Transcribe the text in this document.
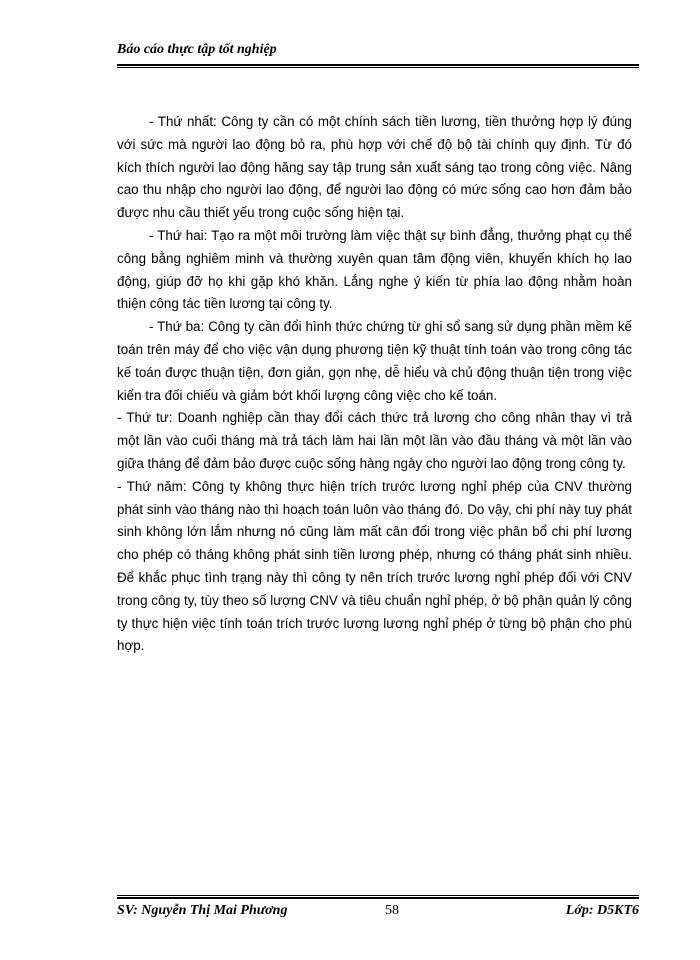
Báo cáo thực tập tốt nghiệp

- Thứ nhất: Công ty cần có một chính sách tiền lương, tiền thưởng hợp lý đúng với sức mà người lao động bỏ ra, phù hợp với chế độ bộ tài chính quy định. Từ đó kích thích người lao động hăng say tập trung sản xuất sáng tạo trong công việc. Nâng cao thu nhập cho người lao động, để người lao động có mức sống cao hơn đảm bảo được nhu cầu thiết yếu trong cuộc sống hiện tại.

- Thứ hai: Tạo ra một môi trường làm việc thật sự bình đẳng, thưởng phạt cụ thể công bằng nghiêm minh và thường xuyên quan tâm động viên, khuyến khích họ lao động, giúp đỡ họ khi gặp khó khăn. Lắng nghe ý kiến từ phía lao động nhằm hoàn thiện công tác tiền lương tại công ty.

- Thứ ba: Công ty cần đổi hình thức chứng từ ghi sổ sang sử dụng phần mềm kế toán trên máy để cho việc vận dụng phương tiện kỹ thuật tính toán vào trong công tác kế toán được thuận tiện, đơn giản, gọn nhẹ, dễ hiểu và chủ động thuận tiện trong việc kiển tra đối chiếu và giảm bớt khối lượng công việc cho kế toán.

- Thứ tư: Doanh nghiệp cần thay đổi cách thức trả lương cho công nhân thay vì trả một lần vào cuối tháng mà trả tách làm hai lần một lần vào đầu tháng và một lần vào giữa tháng để đảm bảo được cuộc sống hàng ngày cho người lao động trong công ty.

- Thứ năm: Công ty không thực hiện trích trước lương nghỉ phép của CNV thường phát sinh vào tháng nào thì hoạch toán luôn vào tháng đó. Do vậy, chi phí này tuy phát sinh không lớn lắm nhưng nó cũng làm mất cân đối trong việc phân bổ chi phí lương cho phép có tháng không phát sinh tiền lương phép, nhưng có tháng phát sinh nhiều. Để khắc phục tình trạng này thì công ty nên trích trước lương nghỉ phép đối với CNV trong công ty, tùy theo số lượng CNV và tiêu chuẩn nghỉ phép, ở bộ phận quản lý công ty thực hiện việc tính toán trích trước lương lương nghỉ phép ở từng bộ phận cho phù hợp.

SV: Nguyễn Thị Mai Phương	58	Lớp: D5KT6
